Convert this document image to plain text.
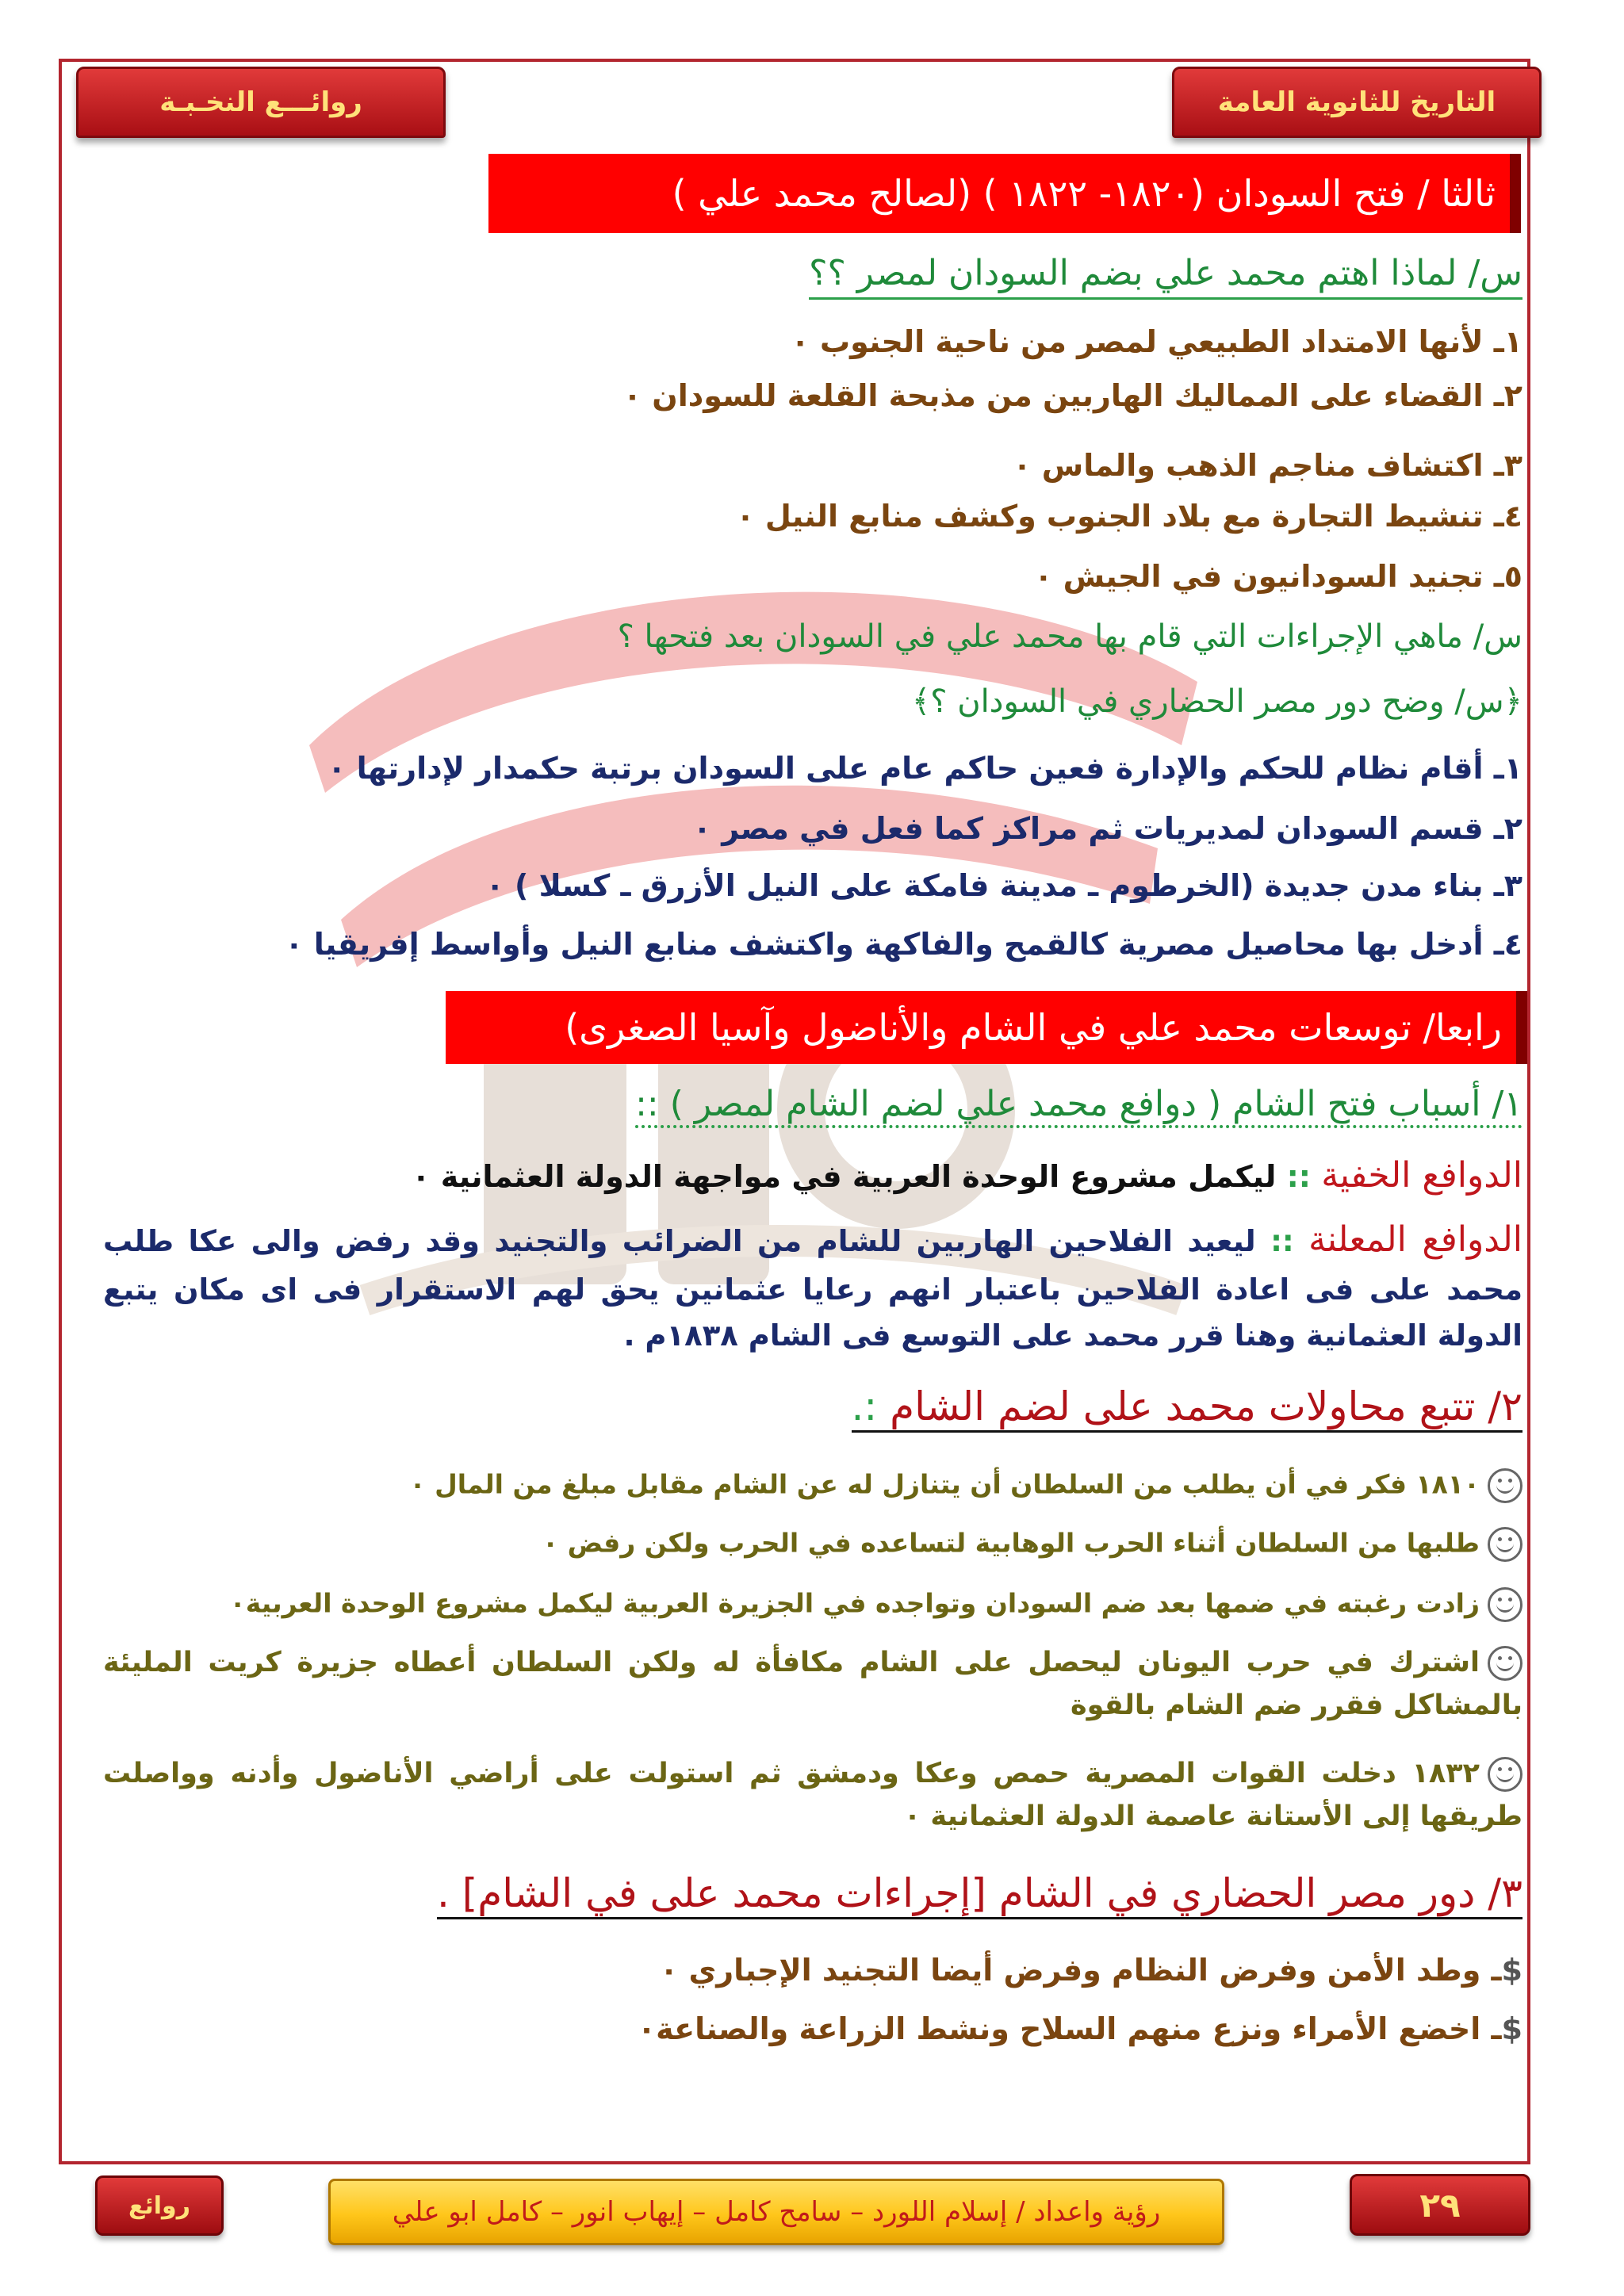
التاريخ للثانوية العامة
روائـــع النخـبـة
ثالثا / فتح السودان (١٨٢٠- ١٨٢٢ ) (لصالح محمد علي )
س/ لماذا اهتم محمد علي بضم السودان لمصر ؟؟
١ـ لأنها الامتداد الطبيعي لمصر من ناحية الجنوب ٠
٢ـ القضاء على المماليك الهاربين من مذبحة القلعة للسودان ٠
٣ـ اكتشاف مناجم الذهب والماس ٠
٤ـ تنشيط التجارة مع بلاد الجنوب وكشف منابع النيل ٠
٥ـ تجنيد السودانيون في الجيش ٠
س/ ماهي الإجراءات التي قام بها محمد علي في السودان بعد فتحها ؟
﴿س/ وضح دور مصر الحضاري في السودان ؟﴾
١ـ أقام نظام للحكم والإدارة فعين حاكم عام على السودان برتبة حكمدار لإدارتها ٠
٢ـ قسم السودان لمديريات ثم مراكز كما فعل في مصر ٠
٣ـ بناء مدن جديدة (الخرطوم ـ مدينة فامكة على النيل الأزرق ـ كسلا ) ٠
٤ـ أدخل بها محاصيل مصرية كالقمح والفاكهة واكتشف منابع النيل وأواسط إفريقيا ٠
رابعا/ توسعات محمد علي في الشام والأناضول وآسيا الصغرى)
١/ أسباب فتح الشام ( دوافع محمد علي لضم الشام لمصر ) ::
الدوافع الخفية :: ليكمل مشروع الوحدة العربية في مواجهة الدولة العثمانية ٠
الدوافع المعلنة :: ليعيد الفلاحين الهاربين للشام من الضرائب والتجنيد وقد رفض والى عكا طلب محمد على فى اعادة الفلاحين باعتبار انهم رعايا عثمانين يحق لهم الاستقرار فى اى مكان يتبع الدولة العثمانية وهنا قرر محمد على التوسع فى الشام ١٨٣٨م .
٢/ تتبع محاولات محمد على لضم الشام :.
١٨١٠ فكر في أن يطلب من السلطان أن يتنازل له عن الشام مقابل مبلغ من المال ٠
طلبها من السلطان أثناء الحرب الوهابية لتساعده في الحرب ولكن رفض ٠
زادت رغبته في ضمها بعد ضم السودان وتواجده في الجزيرة العربية ليكمل مشروع الوحدة العربية٠
اشترك في حرب اليونان ليحصل على الشام مكافأة له ولكن السلطان أعطاه جزيرة كريت المليئة بالمشاكل فقرر ضم الشام بالقوة
١٨٣٢ دخلت القوات المصرية حمص وعكا ودمشق ثم استولت على أراضي الأناضول وأدنه وواصلت طريقها إلى الأستانة عاصمة الدولة العثمانية ٠
٣/ دور مصر الحضاري في الشام [إجراءات محمد على في الشام] .
$ـ وطد الأمن وفرض النظام وفرض أيضا التجنيد الإجباري ٠
$ـ اخضع الأمراء ونزع منهم السلاح ونشط الزراعة والصناعة٠
٢٩
رؤية واعداد / إسلام اللورد – سامح كامل – إيهاب انور – كامل ابو علي
روائع
